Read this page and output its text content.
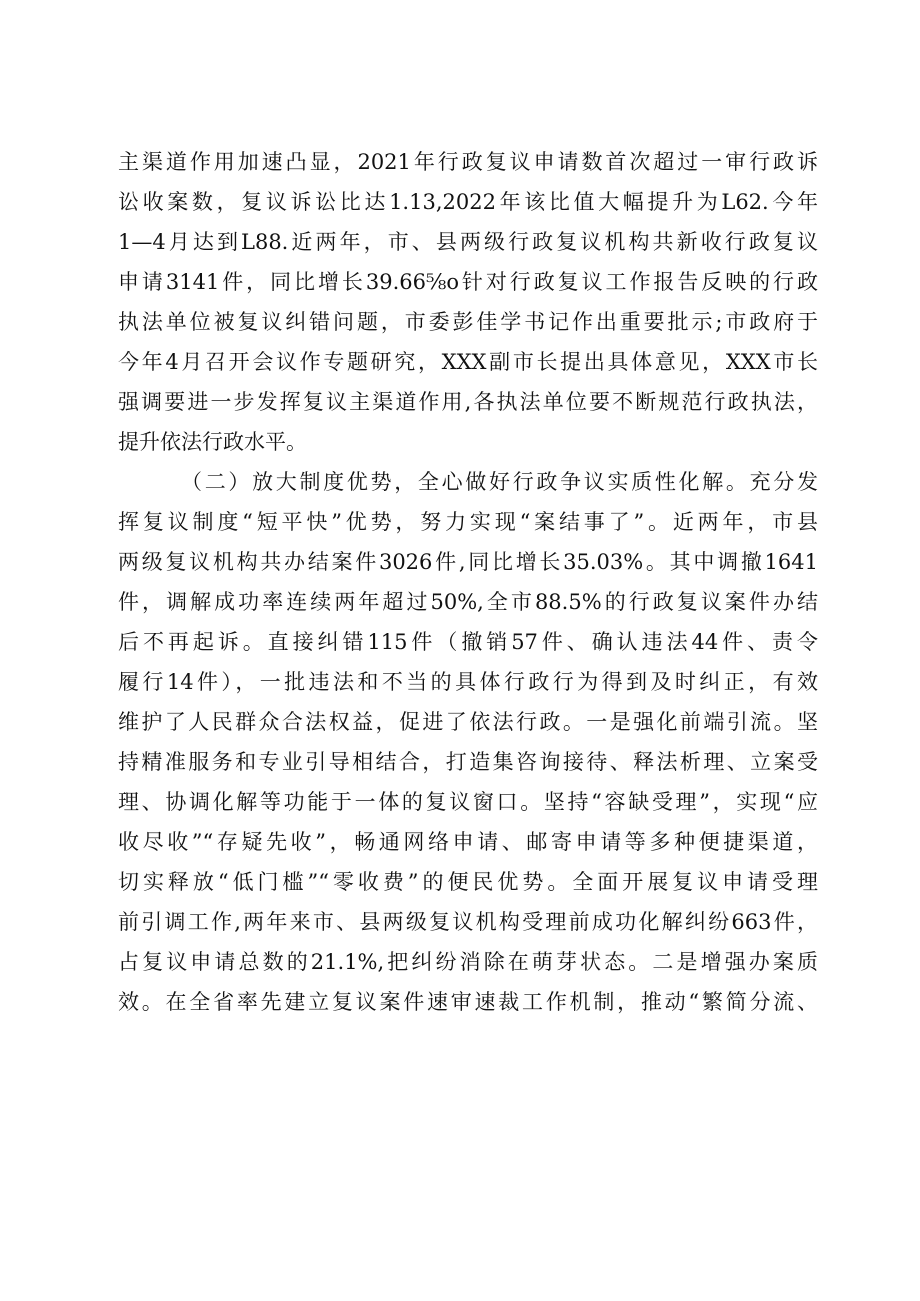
主渠道作用加速凸显，2021年行政复议申请数首次超过一审行政诉
讼收案数，复议诉讼比达1.13,2022年该比值大幅提升为L62.今年
1—4月达到L88.近两年，市、县两级行政复议机构共新收行政复议
申请3141件，同比增长39.66⅝o针对行政复议工作报告反映的行政
执法单位被复议纠错问题，市委彭佳学书记作出重要批示;市政府于
今年4月召开会议作专题研究，XXX副市长提出具体意见，XXX市长
强调要进一步发挥复议主渠道作用,各执法单位要不断规范行政执法，
提升依法行政水平。
（二）放大制度优势，全心做好行政争议实质性化解。充分发
挥复议制度“短平快”优势，努力实现“案结事了”。近两年，市县
两级复议机构共办结案件3026件,同比增长35.03%。其中调撤1641
件，调解成功率连续两年超过50%,全市88.5%的行政复议案件办结
后不再起诉。直接纠错115件（撤销57件、确认违法44件、责令
履行14件），一批违法和不当的具体行政行为得到及时纠正，有效
维护了人民群众合法权益，促进了依法行政。一是强化前端引流。坚
持精准服务和专业引导相结合，打造集咨询接待、释法析理、立案受
理、协调化解等功能于一体的复议窗口。坚持“容缺受理”，实现“应
收尽收”“存疑先收”，畅通网络申请、邮寄申请等多种便捷渠道，
切实释放“低门槛”“零收费”的便民优势。全面开展复议申请受理
前引调工作,两年来市、县两级复议机构受理前成功化解纠纷663件，
占复议申请总数的21.1%,把纠纷消除在萌芽状态。二是增强办案质
效。在全省率先建立复议案件速审速裁工作机制，推动“繁简分流、
